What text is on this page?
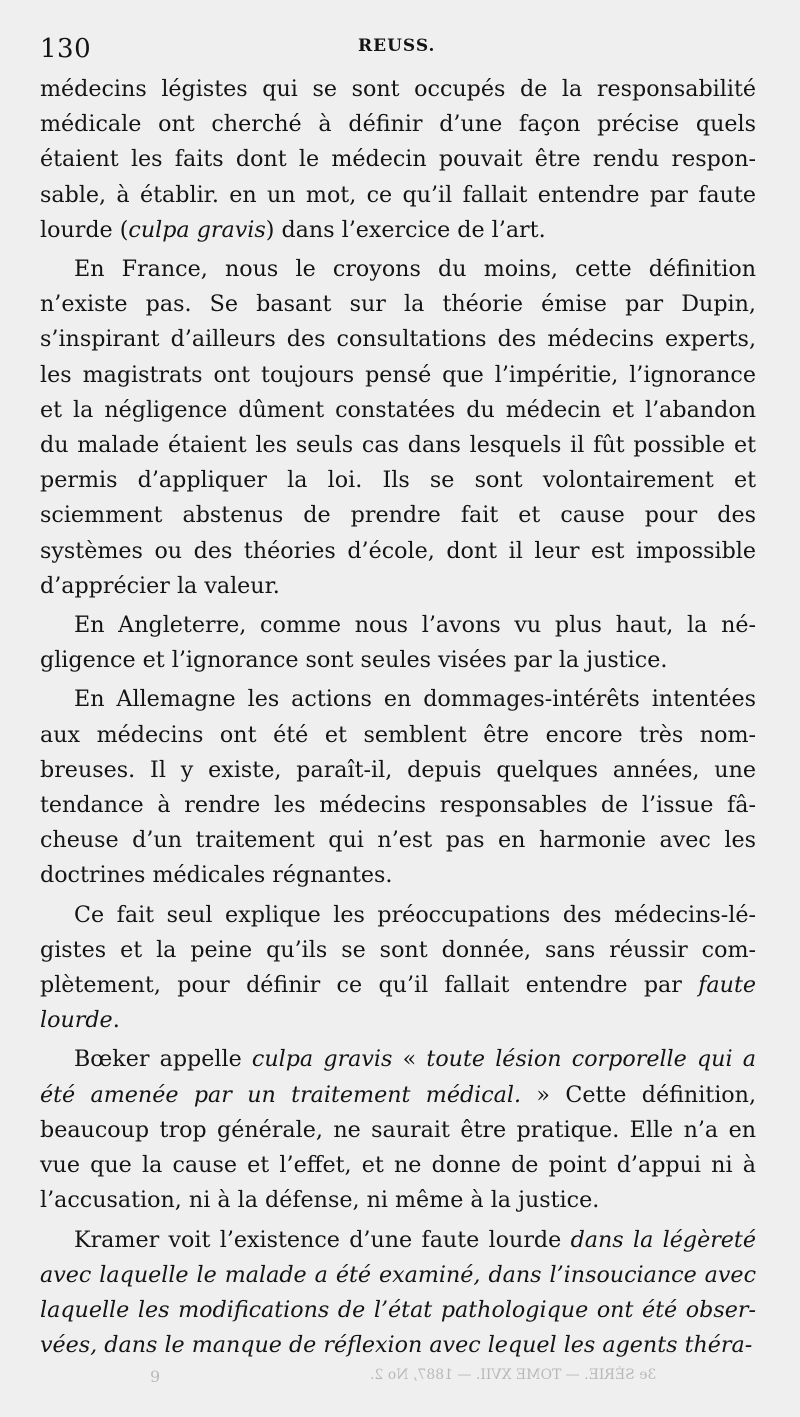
130	REUSS.

médecins légistes qui se sont occupés de la responsabilité médicale ont cherché à définir d’une façon précise quels étaient les faits dont le médecin pouvait être rendu responsable, à établir. en un mot, ce qu’il fallait entendre par faute lourde (culpa gravis) dans l’exercice de l’art.

En France, nous le croyons du moins, cette définition n’existe pas. Se basant sur la théorie émise par Dupin, s’inspirant d’ailleurs des consultations des médecins experts, les magistrats ont toujours pensé que l’impéritie, l’ignorance et la négligence dûment constatées du médecin et l’abandon du malade étaient les seuls cas dans lesquels il fût possible et permis d’appliquer la loi. Ils se sont volontairement et sciemment abstenus de prendre fait et cause pour des systèmes ou des théories d’école, dont il leur est impossible d’apprécier la valeur.

En Angleterre, comme nous l’avons vu plus haut, la négligence et l’ignorance sont seules visées par la justice.

En Allemagne les actions en dommages-intérêts intentées aux médecins ont été et semblent être encore très nombreuses. Il y existe, paraît-il, depuis quelques années, une tendance à rendre les médecins responsables de l’issue fâcheuse d’un traitement qui n’est pas en harmonie avec les doctrines médicales régnantes.

Ce fait seul explique les préoccupations des médecins-légistes et la peine qu’ils se sont donnée, sans réussir complètement, pour définir ce qu’il fallait entendre par faute lourde.

Bœker appelle culpa gravis « toute lésion corporelle qui a été amenée par un traitement médical. » Cette définition, beaucoup trop générale, ne saurait être pratique. Elle n’a en vue que la cause et l’effet, et ne donne de point d’appui ni à l’accusation, ni à la défense, ni même à la justice.

Kramer voit l’existence d’une faute lourde dans la légèreté avec laquelle le malade a été examiné, dans l’insouciance avec laquelle les modifications de l’état pathologique ont été observées, dans le manque de réflexion avec lequel les agents théra-

9	3e SÉRIE. — TOME XVII. — 1887, No 2.
